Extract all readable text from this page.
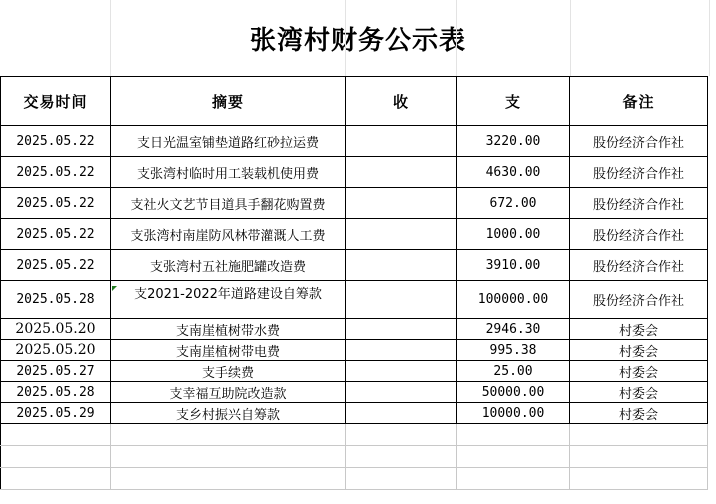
张湾村财务公示表
交易时间	摘要	收	支	备注
2025.05.22	支日光温室铺垫道路红砂拉运费		3220.00	股份经济合作社
2025.05.22	支张湾村临时用工装载机使用费		4630.00	股份经济合作社
2025.05.22	支社火文艺节目道具手翻花购置费		672.00	股份经济合作社
2025.05.22	支张湾村南崖防风林带灌溉人工费		1000.00	股份经济合作社
2025.05.22	支张湾村五社施肥罐改造费		3910.00	股份经济合作社
2025.05.28	支2021-2022年道路建设自筹款		100000.00	股份经济合作社
2025.05.20	支南崖植树带水费		2946.30	村委会
2025.05.20	支南崖植树带电费		995.38	村委会
2025.05.27	支手续费		25.00	村委会
2025.05.28	支幸福互助院改造款		50000.00	村委会
2025.05.29	支乡村振兴自筹款		10000.00	村委会
